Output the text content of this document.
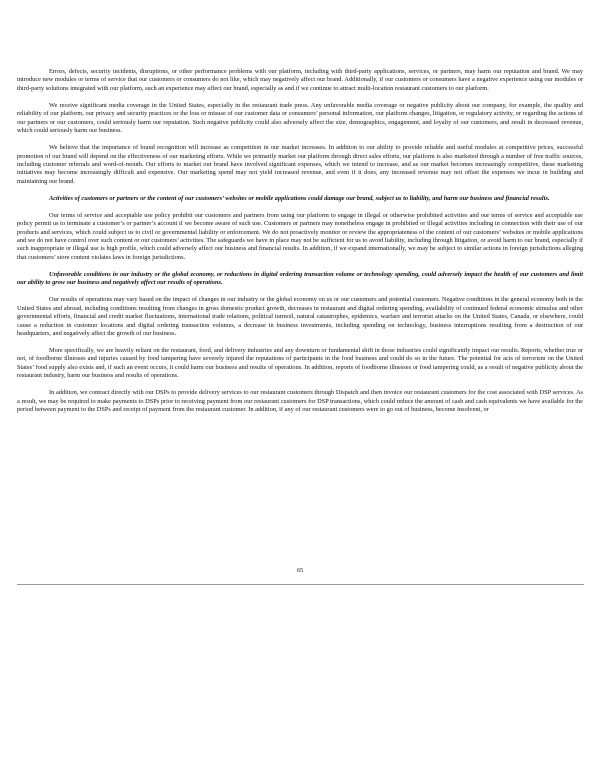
Errors, defects, security incidents, disruptions, or other performance problems with our platform, including with third-party applications, services, or partners, may harm our reputation and brand. We may introduce new modules or terms of service that our customers or consumers do not like, which may negatively affect our brand. Additionally, if our customers or consumers have a negative experience using our modules or third-party solutions integrated with our platform, such an experience may affect our brand, especially as and if we continue to attract multi-location restaurant customers to our platform.

We receive significant media coverage in the United States, especially in the restaurant trade press. Any unfavorable media coverage or negative publicity about our company, for example, the quality and reliability of our platform, our privacy and security practices or the loss or misuse of our customer data or consumers’ personal information, our platform changes, litigation, or regulatory activity, or regarding the actions of our partners or our customers, could seriously harm our reputation. Such negative publicity could also adversely affect the size, demographics, engagement, and loyalty of our customers, and result in decreased revenue, which could seriously harm our business.

We believe that the importance of brand recognition will increase as competition in our market increases. In addition to our ability to provide reliable and useful modules at competitive prices, successful promotion of our brand will depend on the effectiveness of our marketing efforts. While we primarily market our platform through direct sales efforts, our platform is also marketed through a number of free traffic sources, including customer referrals and word-of-mouth. Our efforts to market our brand have involved significant expenses, which we intend to increase, and as our market becomes increasingly competitive, these marketing initiatives may become increasingly difficult and expensive. Our marketing spend may not yield increased revenue, and even if it does, any increased revenue may not offset the expenses we incur in building and maintaining our brand.

Activities of customers or partners or the content of our customers’ websites or mobile applications could damage our brand, subject us to liability, and harm our business and financial results.

Our terms of service and acceptable use policy prohibit our customers and partners from using our platform to engage in illegal or otherwise prohibited activities and our terms of service and acceptable use policy permit us to terminate a customer’s or partner’s account if we become aware of such use. Customers or partners may nonetheless engage in prohibited or illegal activities including in connection with their use of our products and services, which could subject us to civil or governmental liability or enforcement. We do not proactively monitor or review the appropriateness of the content of our customers’ websites or mobile applications and we do not have control over such content or our customers’ activities. The safeguards we have in place may not be sufficient for us to avoid liability, including through litigation, or avoid harm to our brand, especially if such inappropriate or illegal use is high profile, which could adversely affect our business and financial results. In addition, if we expand internationally, we may be subject to similar actions in foreign jurisdictions alleging that customers’ store content violates laws in foreign jurisdictions.

Unfavorable conditions in our industry or the global economy, or reductions in digital ordering transaction volume or technology spending, could adversely impact the health of our customers and limit our ability to grow our business and negatively affect our results of operations.

Our results of operations may vary based on the impact of changes in our industry or the global economy on us or our customers and potential customers. Negative conditions in the general economy both in the United States and abroad, including conditions resulting from changes in gross domestic product growth, decreases in restaurant and digital ordering spending, availability of continued federal economic stimulus and other governmental efforts, financial and credit market fluctuations, international trade relations, political turmoil, natural catastrophes, epidemics, warfare and terrorist attacks on the United States, Canada, or elsewhere, could cause a reduction in customer locations and digital ordering transaction volumes, a decrease in business investments, including spending on technology, business interruptions resulting from a destruction of our headquarters, and negatively affect the growth of our business.

More specifically, we are heavily reliant on the restaurant, food, and delivery industries and any downturn or fundamental shift in those industries could significantly impact our results. Reports, whether true or not, of foodborne illnesses and injuries caused by food tampering have severely injured the reputations of participants in the food business and could do so in the future. The potential for acts of terrorism on the United States’ food supply also exists and, if such an event occurs, it could harm our business and results of operations. In addition, reports of foodborne illnesses or food tampering could, as a result of negative publicity about the restaurant industry, harm our business and results of operations.

In addition, we contract directly with our DSPs to provide delivery services to our restaurant customers through Dispatch and then invoice our restaurant customers for the cost associated with DSP services. As a result, we may be required to make payments to DSPs prior to receiving payment from our restaurant customers for DSP transactions, which could reduce the amount of cash and cash equivalents we have available for the period between payment to the DSPs and receipt of payment from the restaurant customer. In addition, if any of our restaurant customers were to go out of business, become insolvent, or

65
